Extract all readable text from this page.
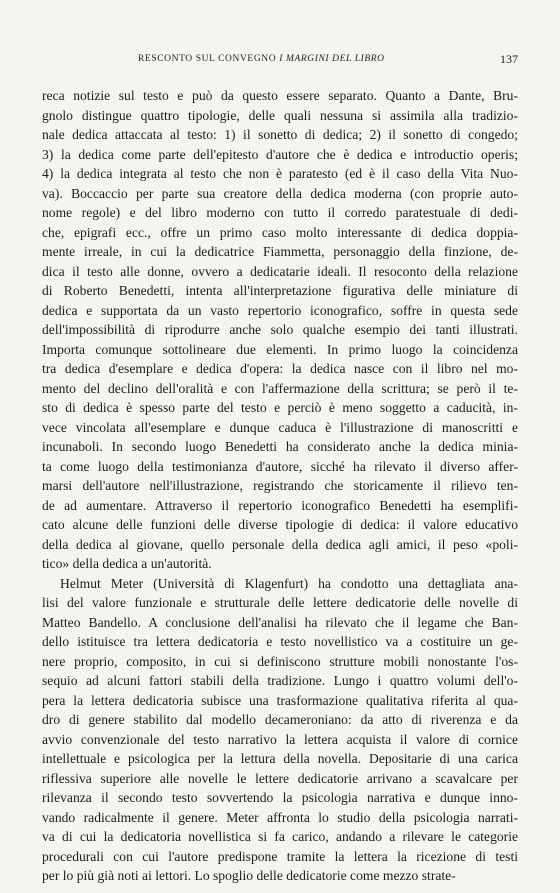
RESCONTO SUL CONVEGNO I MARGINI DEL LIBRO	137
reca notizie sul testo e può da questo essere separato. Quanto a Dante, Bru-
gnolo distingue quattro tipologie, delle quali nessuna si assimila alla tradizio-
nale dedica attaccata al testo: 1) il sonetto di dedica; 2) il sonetto di congedo;
3) la dedica come parte dell'epitesto d'autore che è dedica e introductio operis;
4) la dedica integrata al testo che non è paratesto (ed è il caso della Vita Nuo-
va). Boccaccio per parte sua creatore della dedica moderna (con proprie auto-
nome regole) e del libro moderno con tutto il corredo paratestuale di dedi-
che, epigrafi ecc., offre un primo caso molto interessante di dedica doppia-
mente irreale, in cui la dedicatrice Fiammetta, personaggio della finzione, de-
dica il testo alle donne, ovvero a dedicatarie ideali. Il resoconto della relazione
di Roberto Benedetti, intenta all'interpretazione figurativa delle miniature di
dedica e supportata da un vasto repertorio iconografico, soffre in questa sede
dell'impossibilità di riprodurre anche solo qualche esempio dei tanti illustrati.
Importa comunque sottolineare due elementi. In primo luogo la coincidenza
tra dedica d'esemplare e dedica d'opera: la dedica nasce con il libro nel mo-
mento del declino dell'oralità e con l'affermazione della scrittura; se però il te-
sto di dedica è spesso parte del testo e perciò è meno soggetto a caducità, in-
vece vincolata all'esemplare e dunque caduca è l'illustrazione di manoscritti e
incunaboli. In secondo luogo Benedetti ha considerato anche la dedica minia-
ta come luogo della testimonianza d'autore, sicché ha rilevato il diverso affer-
marsi dell'autore nell'illustrazione, registrando che storicamente il rilievo ten-
de ad aumentare. Attraverso il repertorio iconografico Benedetti ha esemplifi-
cato alcune delle funzioni delle diverse tipologie di dedica: il valore educativo
della dedica al giovane, quello personale della dedica agli amici, il peso «poli-
tico» della dedica a un'autorità.
Helmut Meter (Università di Klagenfurt) ha condotto una dettagliata ana-
lisi del valore funzionale e strutturale delle lettere dedicatorie delle novelle di
Matteo Bandello. A conclusione dell'analisi ha rilevato che il legame che Ban-
dello istituisce tra lettera dedicatoria e testo novellistico va a costituire un ge-
nere proprio, composito, in cui si definiscono strutture mobili nonostante l'os-
sequio ad alcuni fattori stabili della tradizione. Lungo i quattro volumi dell'o-
pera la lettera dedicatoria subisce una trasformazione qualitativa riferita al qua-
dro di genere stabilito dal modello decameroniano: da atto di riverenza e da
avvio convenzionale del testo narrativo la lettera acquista il valore di cornice
intellettuale e psicologica per la lettura della novella. Depositarie di una carica
riflessiva superiore alle novelle le lettere dedicatorie arrivano a scavalcare per
rilevanza il secondo testo sovvertendo la psicologia narrativa e dunque inno-
vando radicalmente il genere. Meter affronta lo studio della psicologia narrati-
va di cui la dedicatoria novellistica si fa carico, andando a rilevare le categorie
procedurali con cui l'autore predispone tramite la lettera la ricezione di testi
per lo più già noti ai lettori. Lo spoglio delle dedicatorie come mezzo strate-
